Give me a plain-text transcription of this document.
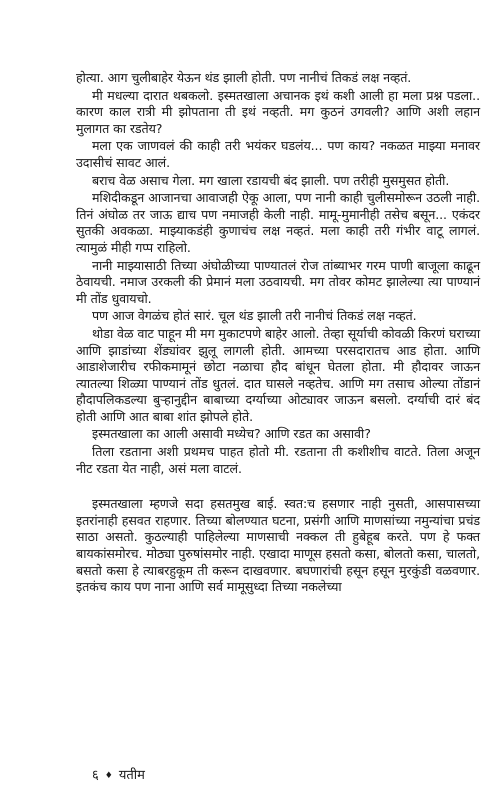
होत्या. आग चुलीबाहेर येऊन थंड झाली होती. पण नानीचं तिकडं लक्ष नव्हतं.

मी मधल्या दारात थबकलो. इस्मतखाला अचानक इथं कशी आली हा मला प्रश्न पडला.. कारण काल रात्री मी झोपताना ती इथं नव्हती. मग कुठनं उगवली? आणि अशी लहान मुलागत का रडतेय?

मला एक जाणवलं की काही तरी भयंकर घडलंय... पण काय? नकळत माझ्या मनावर उदासीचं सावट आलं.

बराच वेळ असाच गेला. मग खाला रडायची बंद झाली. पण तरीही मुसमुसत होती.

मशिदीकडून आजानचा आवाजही ऐकू आला, पण नानी काही चुलीसमोरून उठली नाही. तिनं अंघोळ तर जाऊ द्याच पण नमाजही केली नाही. मामू-मुमानीही तसेच बसून... एकंदर सुतकी अवकळा. माझ्याकडंही कुणाचंच लक्ष नव्हतं. मला काही तरी गंभीर वाटू लागलं. त्यामुळं मीही गप्प राहिलो.

नानी माझ्यासाठी तिच्या अंघोळीच्या पाण्यातलं रोज तांब्याभर गरम पाणी बाजूला काढून ठेवायची. नमाज उरकली की प्रेमानं मला उठवायची. मग तोवर कोमट झालेल्या त्या पाण्यानं मी तोंड धुवायचो.

पण आज वेगळंच होतं सारं. चूल थंड झाली तरी नानीचं तिकडं लक्ष नव्हतं.

थोडा वेळ वाट पाहून मी मग मुकाटपणे बाहेर आलो. तेव्हा सूर्याची कोवळी किरणं घराच्या आणि झाडांच्या शेंड्यांवर झुलू लागली होती. आमच्या परसदारातच आड होता. आणि आडाशेजारीच रफीकमामूनं छोटा नळाचा हौद बांधून घेतला होता. मी हौदावर जाऊन त्यातल्या शिळ्या पाण्यानं तोंड धुतलं. दात घासले नव्हतेच. आणि मग तसाच ओल्या तोंडानं हौदापलिकडल्या बुऱ्हानुद्दीन बाबाच्या दर्ग्याच्या ओट्यावर जाऊन बसलो. दर्ग्याची दारं बंद होती आणि आत बाबा शांत झोपले होते.

इस्मतखाला का आली असावी मध्येच? आणि रडत का असावी?

तिला रडताना अशी प्रथमच पाहत होतो मी. रडताना ती कशीशीच वाटते. तिला अजून नीट रडता येत नाही, असं मला वाटलं.

इस्मतखाला म्हणजे सदा हसतमुख बाई. स्वत:च हसणार नाही नुसती, आसपासच्या इतरांनाही हसवत राहणार. तिच्या बोलण्यात घटना, प्रसंगी आणि माणसांच्या नमुन्यांचा प्रचंड साठा असतो. कुठल्याही पाहिलेल्या माणसाची नक्कल ती हुबेहूब करते. पण हे फक्त बायकांसमोरच. मोठ्या पुरुषांसमोर नाही. एखादा माणूस हसतो कसा, बोलतो कसा, चालतो, बसतो कसा हे त्याबरहुकूम ती करून दाखवणार. बघणारांची हसून हसून मुरकुंडी वळवणार. इतकंच काय पण नाना आणि सर्व मामूसुध्दा तिच्या नकलेच्या

६ ♦ यतीम
